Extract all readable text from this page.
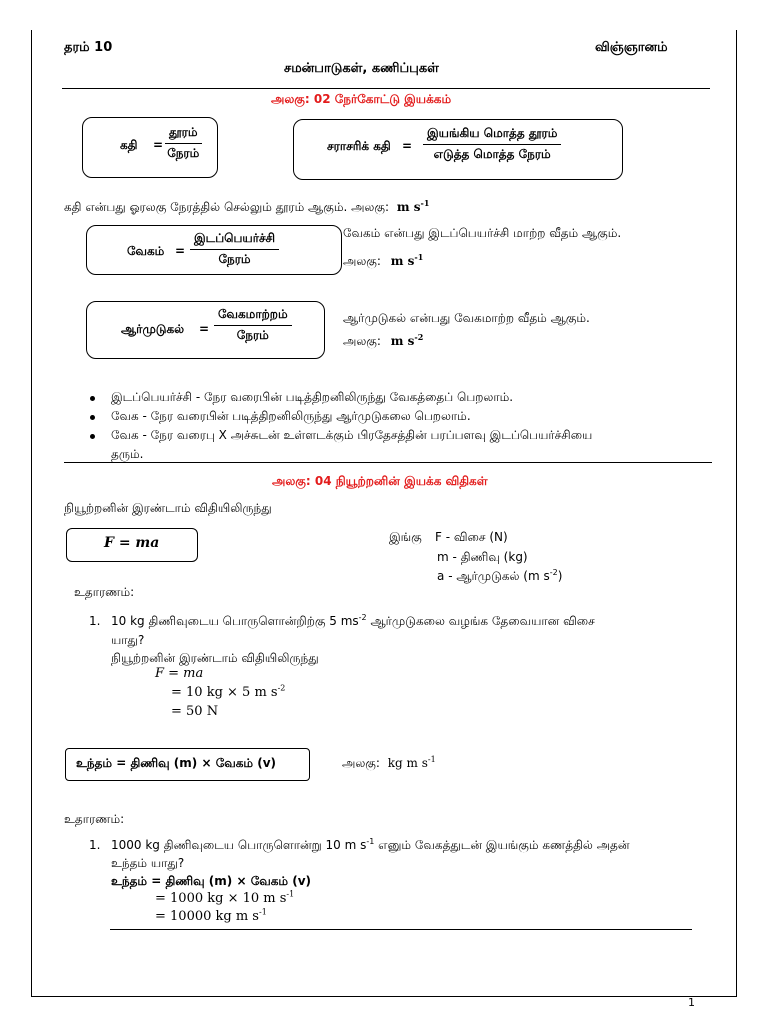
தரம் 10	விஞ்ஞானம்
சமன்பாடுகள், கணிப்புகள்
அலகு: 02 நேர்கோட்டு இயக்கம்
கதி =
தூரம்
நேரம்	சராசரிக் கதி =
இயங்கிய மொத்த தூரம்
எடுத்த மொத்த நேரம்
கதி என்பது ஓரலகு நேரத்தில் செல்லும் தூரம் ஆகும். அலகு: m $s^{-1}$
வேகம் =
இடப்பெயர்ச்சி
நேரம்
வேகம் என்பது இடப்பெயர்ச்சி மாற்ற வீதம் ஆகும்.
அலகு: m $s^{-1}$
ஆர்முடுகல் =
வேகமாற்றம்
நேரம்
ஆர்முடுகல் என்பது வேகமாற்ற வீதம் ஆகும்.
அலகு: m $s^{-2}$
இடப்பெயர்ச்சி - நேர வரைபின் படித்திறனிலிருந்து வேகத்தைப் பெறலாம்.
வேக - நேர வரைபின் படித்திறனிலிருந்து ஆர்முடுகலை பெறலாம்.
வேக - நேர வரைபு X அச்சுடன் உள்ளடக்கும் பிரதேசத்தின் பரப்பளவு இடப்பெயர்ச்சியை
தரும்.
அலகு: 04 நியூற்றனின் இயக்க விதிகள்
நியூற்றனின் இரண்டாம் விதியிலிருந்து
F = ma	இங்கு F - விசை (N)
m - திணிவு (kg)
a - ஆர்முடுகல் (m $s^{-2}$)
உதாரணம்:
1. 10 kg திணிவுடைய பொருளொன்றிற்கு 5 $ms^{-2}$ ஆர்முடுகலை வழங்க தேவையான விசை
யாது?
நியூற்றனின் இரண்டாம் விதியிலிருந்து
F = ma
= 10 kg × 5 m $s^{-2}$
= 50 N
உந்தம் = திணிவு (m) × வேகம் (v)	அலகு: kg m $s^{-1}$
உதாரணம்:
1. 1000 kg திணிவுடைய பொருளொன்று 10 m $s^{-1}$ எனும் வேகத்துடன் இயங்கும் கணத்தில் அதன்
உந்தம் யாது?
உந்தம் = திணிவு (m) × வேகம் (v)
= 1000 kg × 10 m $s^{-1}$
= 10000 kg m $s^{-1}$
1
